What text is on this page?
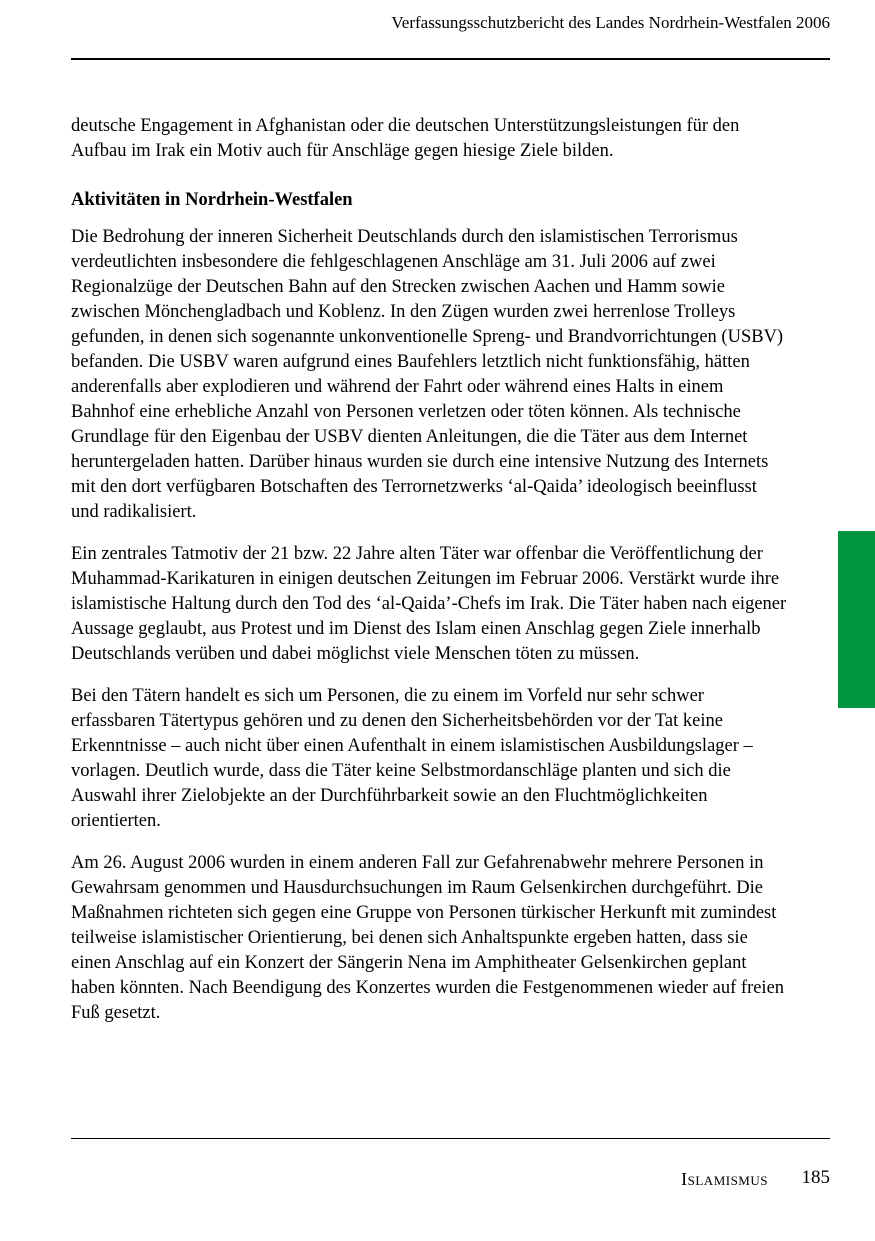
Verfassungsschutzbericht des Landes Nordrhein-Westfalen 2006

deutsche Engagement in Afghanistan oder die deutschen Unterstützungsleistungen für den Aufbau im Irak ein Motiv auch für Anschläge gegen hiesige Ziele bilden.

Aktivitäten in Nordrhein-Westfalen

Die Bedrohung der inneren Sicherheit Deutschlands durch den islamistischen Terrorismus verdeutlichten insbesondere die fehlgeschlagenen Anschläge am 31. Juli 2006 auf zwei Regionalzüge der Deutschen Bahn auf den Strecken zwischen Aachen und Hamm sowie zwischen Mönchengladbach und Koblenz. In den Zügen wurden zwei herrenlose Trolleys gefunden, in denen sich sogenannte unkonventionelle Spreng- und Brandvorrichtungen (USBV) befanden. Die USBV waren aufgrund eines Baufehlers letztlich nicht funktionsfähig, hätten anderenfalls aber explodieren und während der Fahrt oder während eines Halts in einem Bahnhof eine erhebliche Anzahl von Personen verletzen oder töten können. Als technische Grundlage für den Eigenbau der USBV dienten Anleitungen, die die Täter aus dem Internet heruntergeladen hatten. Darüber hinaus wurden sie durch eine intensive Nutzung des Internets mit den dort verfügbaren Botschaften des Terrornetzwerks ‘al-Qaida’ ideologisch beeinflusst und radikalisiert.

Ein zentrales Tatmotiv der 21 bzw. 22 Jahre alten Täter war offenbar die Veröffentlichung der Muhammad-Karikaturen in einigen deutschen Zeitungen im Februar 2006. Verstärkt wurde ihre islamistische Haltung durch den Tod des ‘al-Qaida’-Chefs im Irak. Die Täter haben nach eigener Aussage geglaubt, aus Protest und im Dienst des Islam einen Anschlag gegen Ziele innerhalb Deutschlands verüben und dabei möglichst viele Menschen töten zu müssen.

Bei den Tätern handelt es sich um Personen, die zu einem im Vorfeld nur sehr schwer erfassbaren Tätertypus gehören und zu denen den Sicherheitsbehörden vor der Tat keine Erkenntnisse – auch nicht über einen Aufenthalt in einem islamistischen Ausbildungslager – vorlagen. Deutlich wurde, dass die Täter keine Selbstmordanschläge planten und sich die Auswahl ihrer Zielobjekte an der Durchführbarkeit sowie an den Fluchtmöglichkeiten orientierten.

Am 26. August 2006 wurden in einem anderen Fall zur Gefahrenabwehr mehrere Personen in Gewahrsam genommen und Hausdurchsuchungen im Raum Gelsenkirchen durchgeführt. Die Maßnahmen richteten sich gegen eine Gruppe von Personen türkischer Herkunft mit zumindest teilweise islamistischer Orientierung, bei denen sich Anhaltspunkte ergeben hatten, dass sie einen Anschlag auf ein Konzert der Sängerin Nena im Amphitheater Gelsenkirchen geplant haben könnten. Nach Beendigung des Konzertes wurden die Festgenommenen wieder auf freien Fuß gesetzt.

Islamismus 185
